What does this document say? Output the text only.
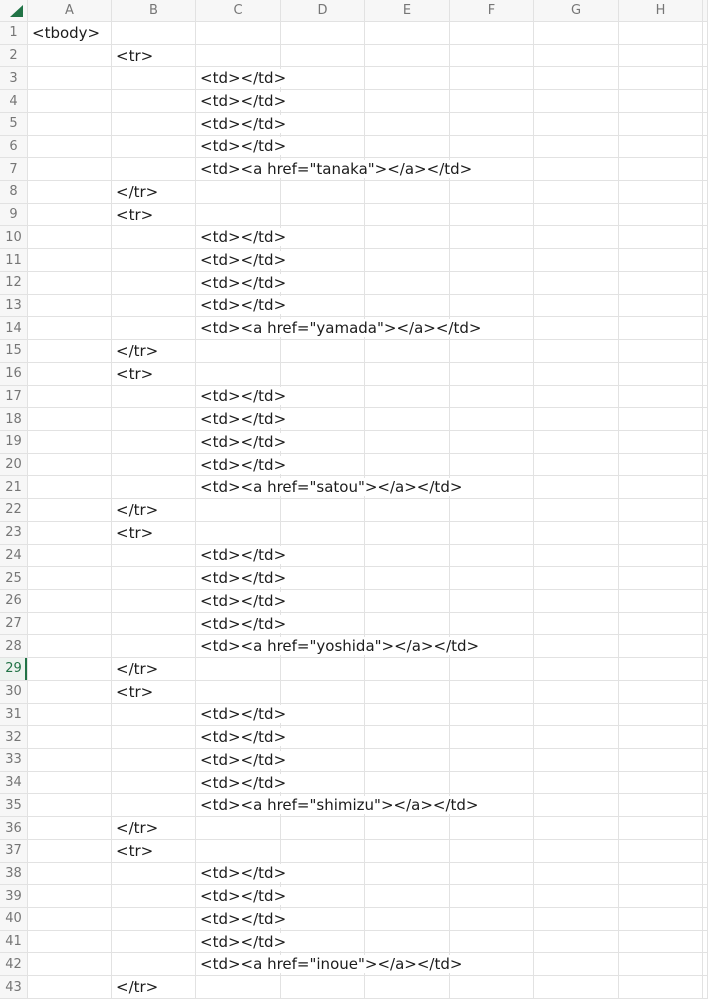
A	B	C	D	E	F	G	H
1 <tbody>
2	<tr>
3	<td></td>
4	<td></td>
5	<td></td>
6	<td></td>
7	<td><a href="tanaka"></a></td>
8	</tr>
9	<tr>
10	<td></td>
11	<td></td>
12	<td></td>
13	<td></td>
14	<td><a href="yamada"></a></td>
15	</tr>
16	<tr>
17	<td></td>
18	<td></td>
19	<td></td>
20	<td></td>
21	<td><a href="satou"></a></td>
22	</tr>
23	<tr>
24	<td></td>
25	<td></td>
26	<td></td>
27	<td></td>
28	<td><a href="yoshida"></a></td>
29	</tr>
30	<tr>
31	<td></td>
32	<td></td>
33	<td></td>
34	<td></td>
35	<td><a href="shimizu"></a></td>
36	</tr>
37	<tr>
38	<td></td>
39	<td></td>
40	<td></td>
41	<td></td>
42	<td><a href="inoue"></a></td>
43	</tr>
